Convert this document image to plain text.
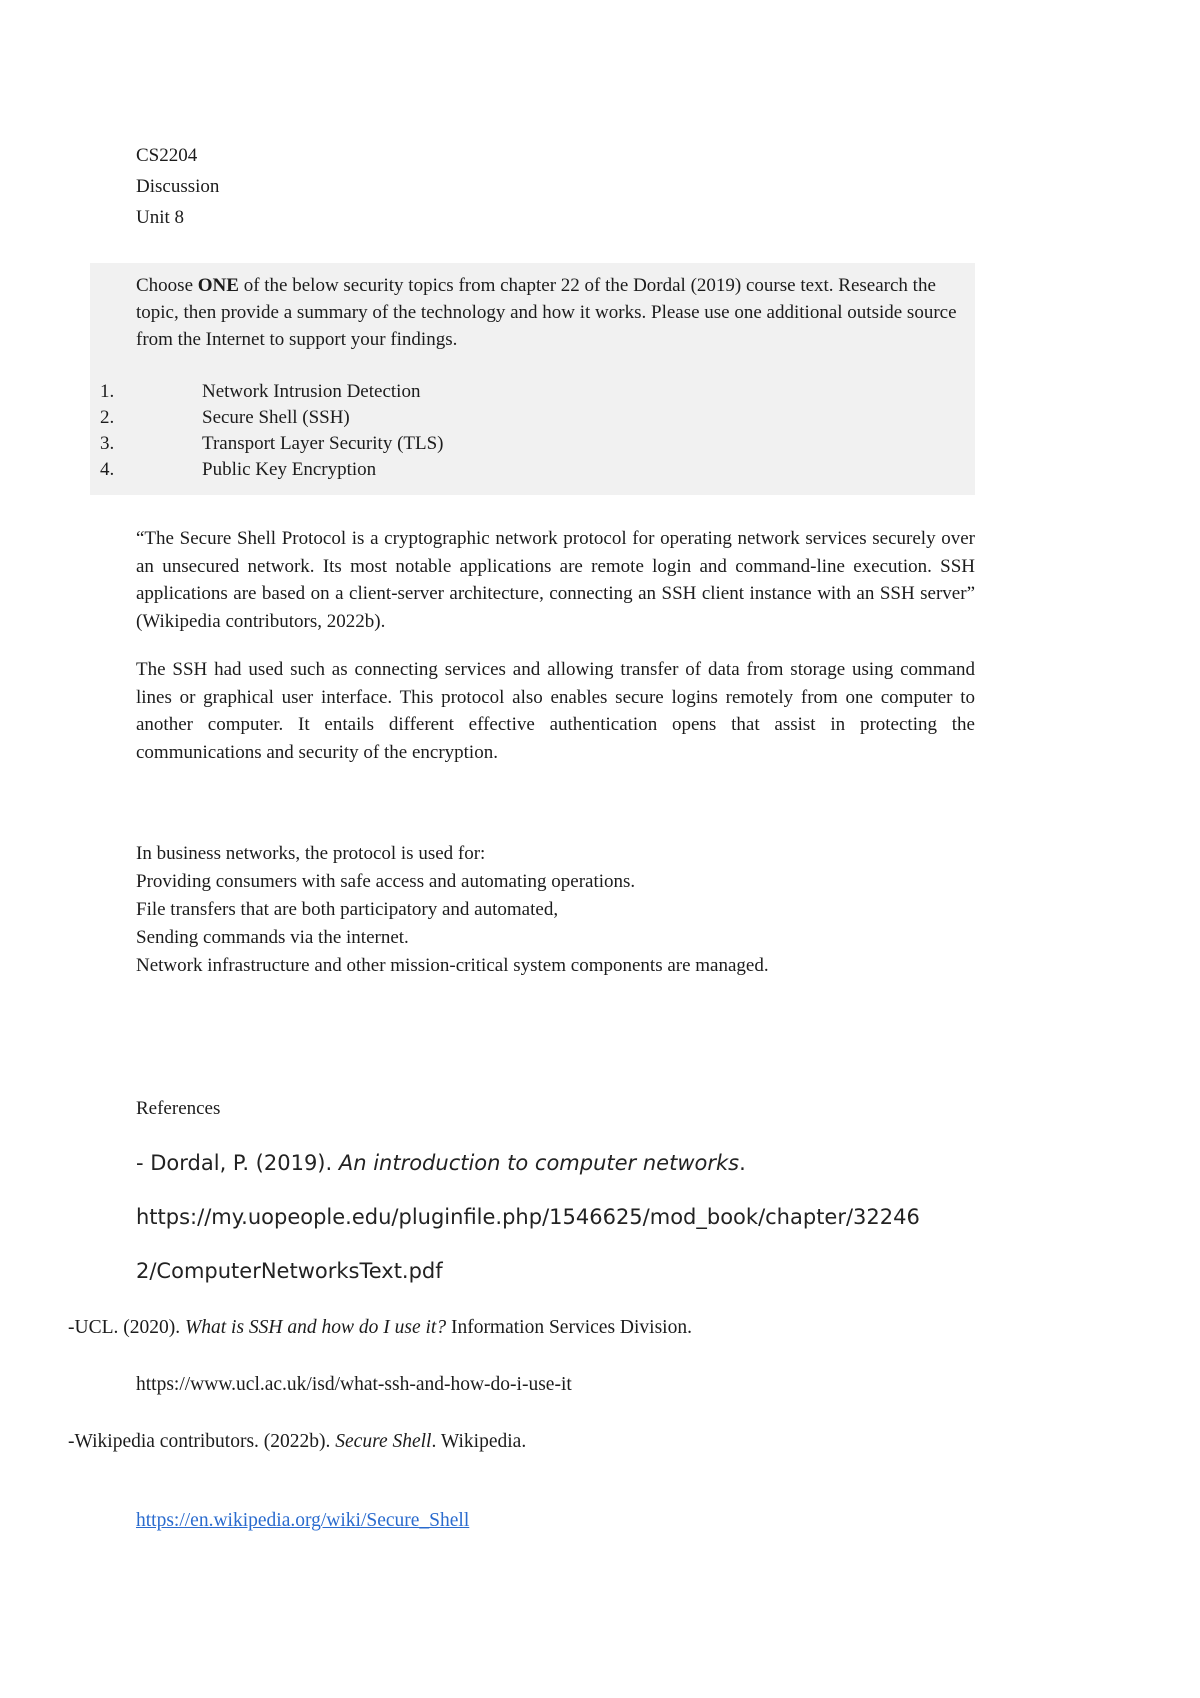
CS2204

Discussion

Unit 8

Choose ONE of the below security topics from chapter 22 of the Dordal (2019) course text. Research the topic, then provide a summary of the technology and how it works. Please use one additional outside source from the Internet to support your findings.

1.	Network Intrusion Detection
2.	Secure Shell (SSH)
3.	Transport Layer Security (TLS)
4.	Public Key Encryption

“The Secure Shell Protocol is a cryptographic network protocol for operating network services securely over an unsecured network. Its most notable applications are remote login and command-line execution. SSH applications are based on a client-server architecture, connecting an SSH client instance with an SSH server” (Wikipedia contributors, 2022b).

The SSH had used such as connecting services and allowing transfer of data from storage using command lines or graphical user interface. This protocol also enables secure logins remotely from one computer to another computer. It entails different effective authentication opens that assist in protecting the communications and security of the encryption.

In business networks, the protocol is used for:

Providing consumers with safe access and automating operations.

File transfers that are both participatory and automated,

Sending commands via the internet.

Network infrastructure and other mission-critical system components are managed.

References

- Dordal, P. (2019). An introduction to computer networks.

https://my.uopeople.edu/pluginfile.php/1546625/mod_book/chapter/32246

2/ComputerNetworksText.pdf

-UCL. (2020). What is SSH and how do I use it? Information Services Division.

https://www.ucl.ac.uk/isd/what-ssh-and-how-do-i-use-it

-Wikipedia contributors. (2022b). Secure Shell. Wikipedia.

https://en.wikipedia.org/wiki/Secure_Shell
